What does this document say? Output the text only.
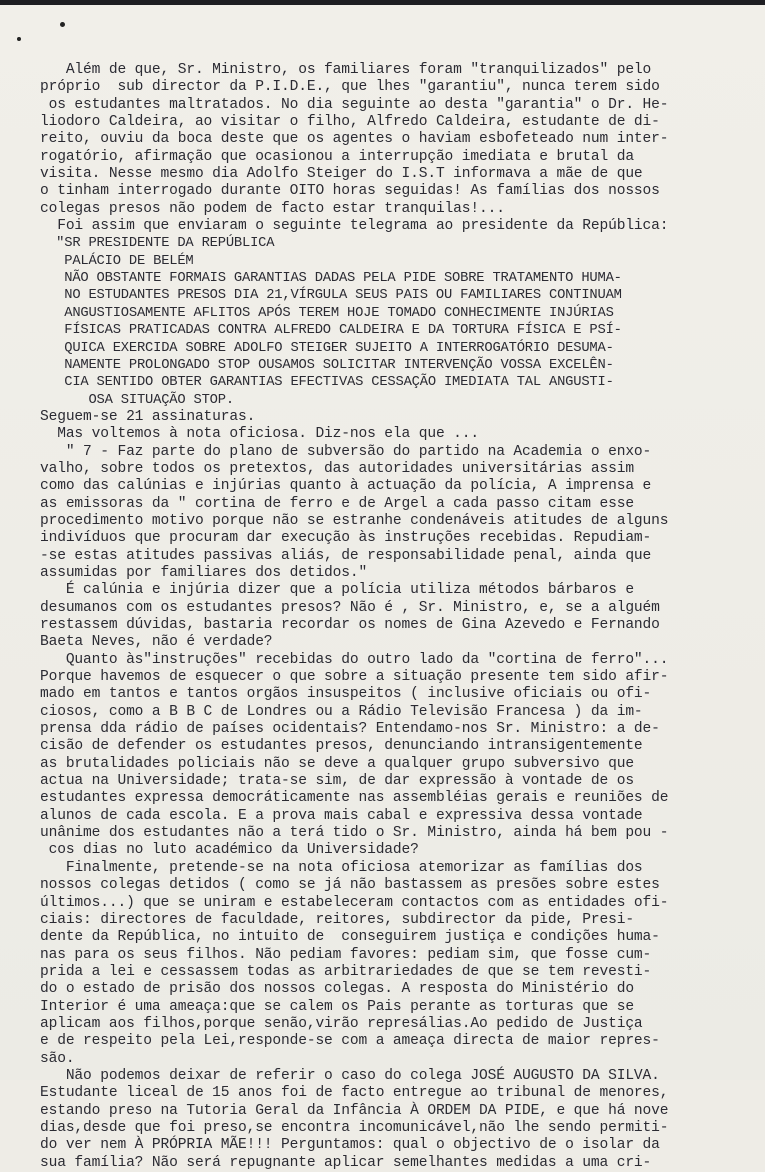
Além de que, Sr. Ministro, os familiares foram "tranquilizados" pelo
próprio  sub director da P.I.D.E., que lhes "garantiu", nunca terem sido
os estudantes maltratados. No dia seguinte ao desta "garantia" o Dr. He-
liodoro Caldeira, ao visitar o filho, Alfredo Caldeira, estudante de di-
reito, ouviu da boca deste que os agentes o haviam esbofeteado num inter-
rogatório, afirmação que ocasionou a interrupção imediata e brutal da
visita. Nesse mesmo dia Adolfo Steiger do I.S.T informava a mãe de que
o tinham interrogado durante OITO horas seguidas! As famílias dos nossos
colegas presos não podem de facto estar tranquilas!...
Foi assim que enviaram o seguinte telegrama ao presidente da República:
"SR PRESIDENTE DA REPÚBLICA
PALÁCIO DE BELÉM
NÃO OBSTANTE FORMAIS GARANTIAS DADAS PELA PIDE SOBRE TRATAMENTO HUMA-
NO ESTUDANTES PRESOS DIA 21,VÍRGULA SEUS PAIS OU FAMILIARES CONTINUAM
ANGUSTIOSAMENTE AFLITOS APÓS TEREM HOJE TOMADO CONHECIMENTE INJÚRIAS
FÍSICAS PRATICADAS CONTRA ALFREDO CALDEIRA E DA TORTURA FÍSICA E PSÍ-
QUICA EXERCIDA SOBRE ADOLFO STEIGER SUJEITO A INTERROGATÓRIO DESUMA-
NAMENTE PROLONGADO STOP OUSAMOS SOLICITAR INTERVENÇÃO VOSSA EXCELÊN-
CIA SENTIDO OBTER GARANTIAS EFECTIVAS CESSAÇÃO IMEDIATA TAL ANGUSTI-
OSA SITUAÇÃO STOP.
Seguem-se 21 assinaturas.
Mas voltemos à nota oficiosa. Diz-nos ela que ...
" 7 - Faz parte do plano de subversão do partido na Academia o enxo-
valho, sobre todos os pretextos, das autoridades universitárias assim
como das calúnias e injúrias quanto à actuação da polícia, A imprensa e
as emissoras da " cortina de ferro e de Argel a cada passo citam esse
procedimento motivo porque não se estranhe condenáveis atitudes de alguns
indivíduos que procuram dar execução às instruções recebidas. Repudiam-
-se estas atitudes passivas aliás, de responsabilidade penal, ainda que
assumidas por familiares dos detidos."
É calúnia e injúria dizer que a polícia utiliza métodos bárbaros e
desumanos com os estudantes presos? Não é , Sr. Ministro, e, se a alguém
restassem dúvidas, bastaria recordar os nomes de Gina Azevedo e Fernando
Baeta Neves, não é verdade?
Quanto às"instruções" recebidas do outro lado da "cortina de ferro"...
Porque havemos de esquecer o que sobre a situação presente tem sido afir-
mado em tantos e tantos orgãos insuspeitos ( inclusive oficiais ou ofi-
ciosos, como a B B C de Londres ou a Rádio Televisão Francesa ) da im-
prensa dda rádio de países ocidentais? Entendamo-nos Sr. Ministro: a de-
cisão de defender os estudantes presos, denunciando intransigentemente
as brutalidades policiais não se deve a qualquer grupo subversivo que
actua na Universidade; trata-se sim, de dar expressão à vontade de os
estudantes expressa democráticamente nas assembléias gerais e reuniões de
alunos de cada escola. E a prova mais cabal e expressiva dessa vontade
unânime dos estudantes não a terá tido o Sr. Ministro, ainda há bem pou -
cos dias no luto académico da Universidade?
Finalmente, pretende-se na nota oficiosa atemorizar as famílias dos
nossos colegas detidos ( como se já não bastassem as presões sobre estes
últimos...) que se uniram e estabeleceram contactos com as entidades ofi-
ciais: directores de faculdade, reitores, subdirector da pide, Presi-
dente da República, no intuito de  conseguirem justiça e condições huma-
nas para os seus filhos. Não pediam favores: pediam sim, que fosse cum-
prida a lei e cessassem todas as arbitrariedades de que se tem revesti-
do o estado de prisão dos nossos colegas. A resposta do Ministério do
Interior é uma ameaça:que se calem os Pais perante as torturas que se
aplicam aos filhos,porque senão,virão represálias.Ao pedido de Justiça
e de respeito pela Lei,responde-se com a ameaça directa de maior repres-
são.
Não podemos deixar de referir o caso do colega JOSÉ AUGUSTO DA SILVA.
Estudante liceal de 15 anos foi de facto entregue ao tribunal de menores,
estando preso na Tutoria Geral da Infância À ORDEM DA PIDE, e que há nove
dias,desde que foi preso,se encontra incomunicável,não lhe sendo permiti-
do ver nem À PRÓPRIA MÃE!!! Perguntamos: qual o objectivo de o isolar da
sua família? Não será repugnante aplicar semelhantes medidas a uma cri-
